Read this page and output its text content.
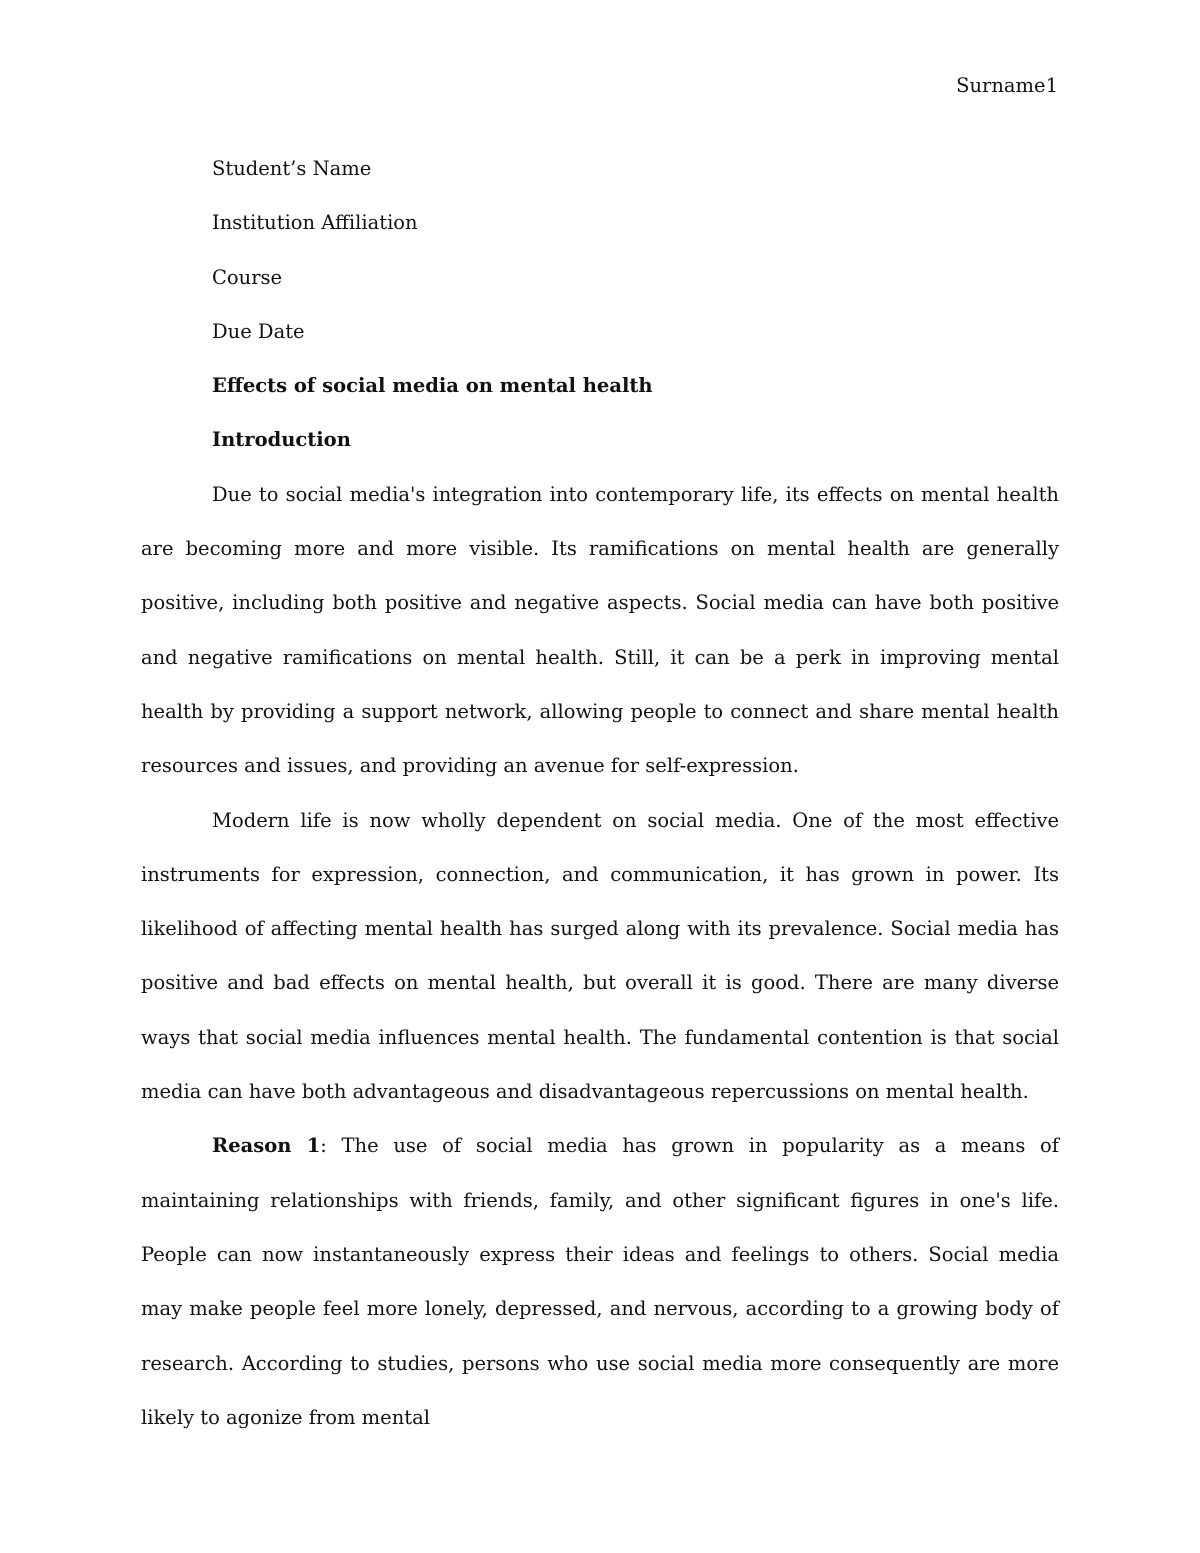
Surname1
Student’s Name
Institution Affiliation
Course
Due Date
Effects of social media on mental health
Introduction

Due to social media's integration into contemporary life, its effects on mental health are becoming more and more visible. Its ramifications on mental health are generally positive, including both positive and negative aspects. Social media can have both positive and negative ramifications on mental health. Still, it can be a perk in improving mental health by providing a support network, allowing people to connect and share mental health resources and issues, and providing an avenue for self-expression.

Modern life is now wholly dependent on social media. One of the most effective instruments for expression, connection, and communication, it has grown in power. Its likelihood of affecting mental health has surged along with its prevalence. Social media has positive and bad effects on mental health, but overall it is good. There are many diverse ways that social media influences mental health. The fundamental contention is that social media can have both advantageous and disadvantageous repercussions on mental health.

Reason 1: The use of social media has grown in popularity as a means of maintaining relationships with friends, family, and other significant figures in one's life. People can now instantaneously express their ideas and feelings to others. Social media may make people feel more lonely, depressed, and nervous, according to a growing body of research. According to studies, persons who use social media more consequently are more likely to agonize from mental
